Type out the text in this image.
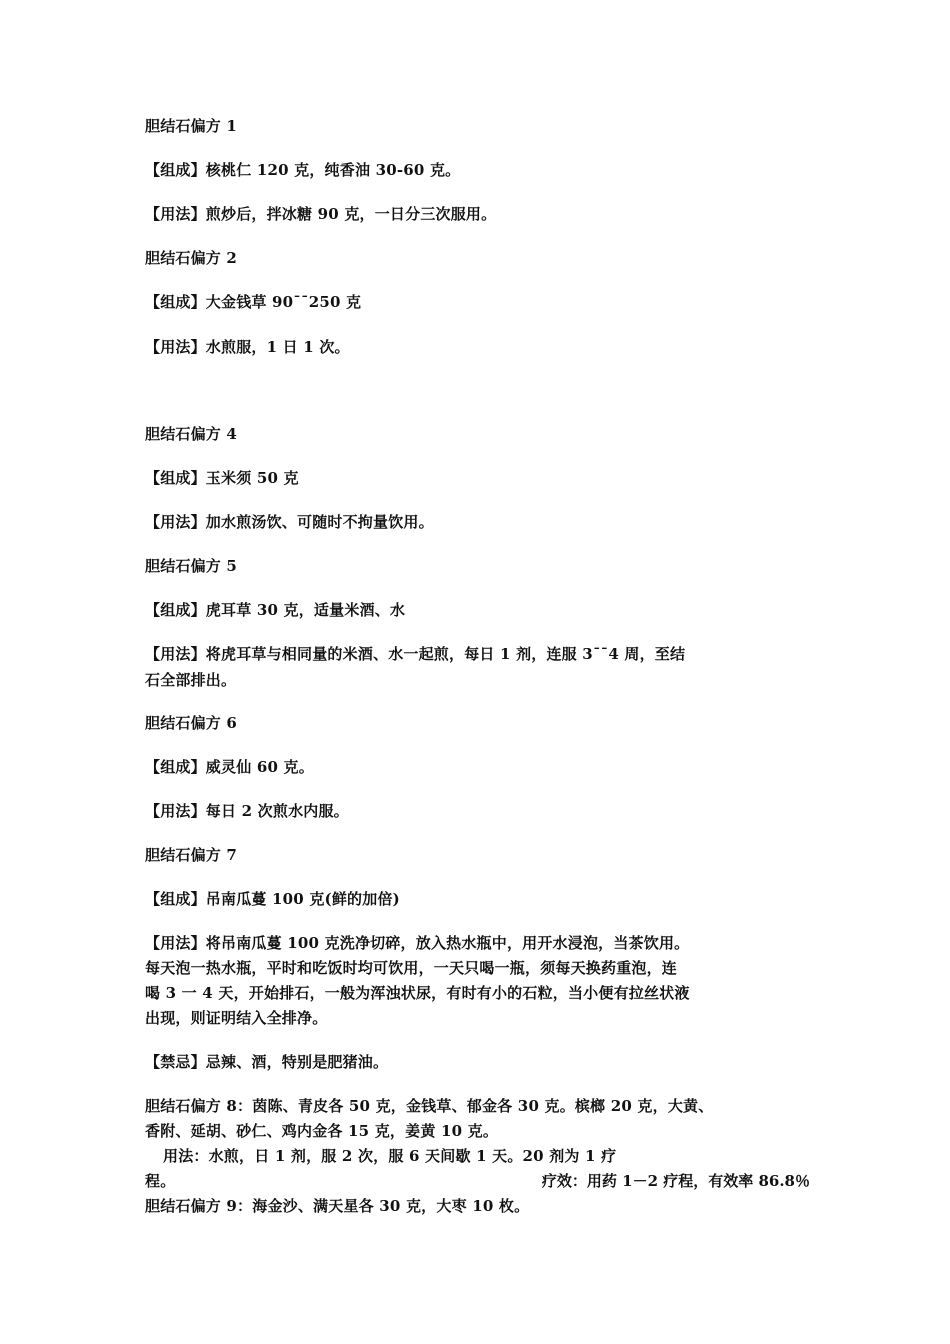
胆结石偏方 1
【组成】核桃仁 120 克，纯香油 30-60 克。
【用法】煎炒后，拌冰糖 90 克，一日分三次服用。
胆结石偏方 2
【组成】大金钱草 90¯¯250 克
【用法】水煎服，1 日 1 次。
胆结石偏方 4
【组成】玉米须 50 克
【用法】加水煎汤饮、可随时不拘量饮用。
胆结石偏方 5
【组成】虎耳草 30 克，适量米酒、水
【用法】将虎耳草与相同量的米酒、水一起煎，每日 1 剂，连服 3¯¯4 周，至结
石全部排出。
胆结石偏方 6
【组成】威灵仙 60 克。
【用法】每日 2 次煎水内服。
胆结石偏方 7
【组成】吊南瓜蔓 100 克(鲜的加倍)
【用法】将吊南瓜蔓 100 克洗净切碎，放入热水瓶中，用开水浸泡，当茶饮用。
每天泡一热水瓶，平时和吃饭时均可饮用，一天只喝一瓶，须每天换药重泡，连
喝 3 一 4 天，开始排石，一般为浑浊状尿，有时有小的石粒，当小便有拉丝状液
出现，则证明结入全排净。
【禁忌】忌辣、酒，特别是肥猪油。
胆结石偏方 8：茵陈、青皮各 50 克，金钱草、郁金各 30 克。槟榔 20 克，大黄、
香附、延胡、砂仁、鸡内金各 15 克，姜黄 10 克。
用法：水煎，日 1 剂，服 2 次，服 6 天间歇 1 天。20 剂为 1 疗
程。	疗效：用药 1－2 疗程，有效率 86.8％
胆结石偏方 9：海金沙、满天星各 30 克，大枣 10 枚。
